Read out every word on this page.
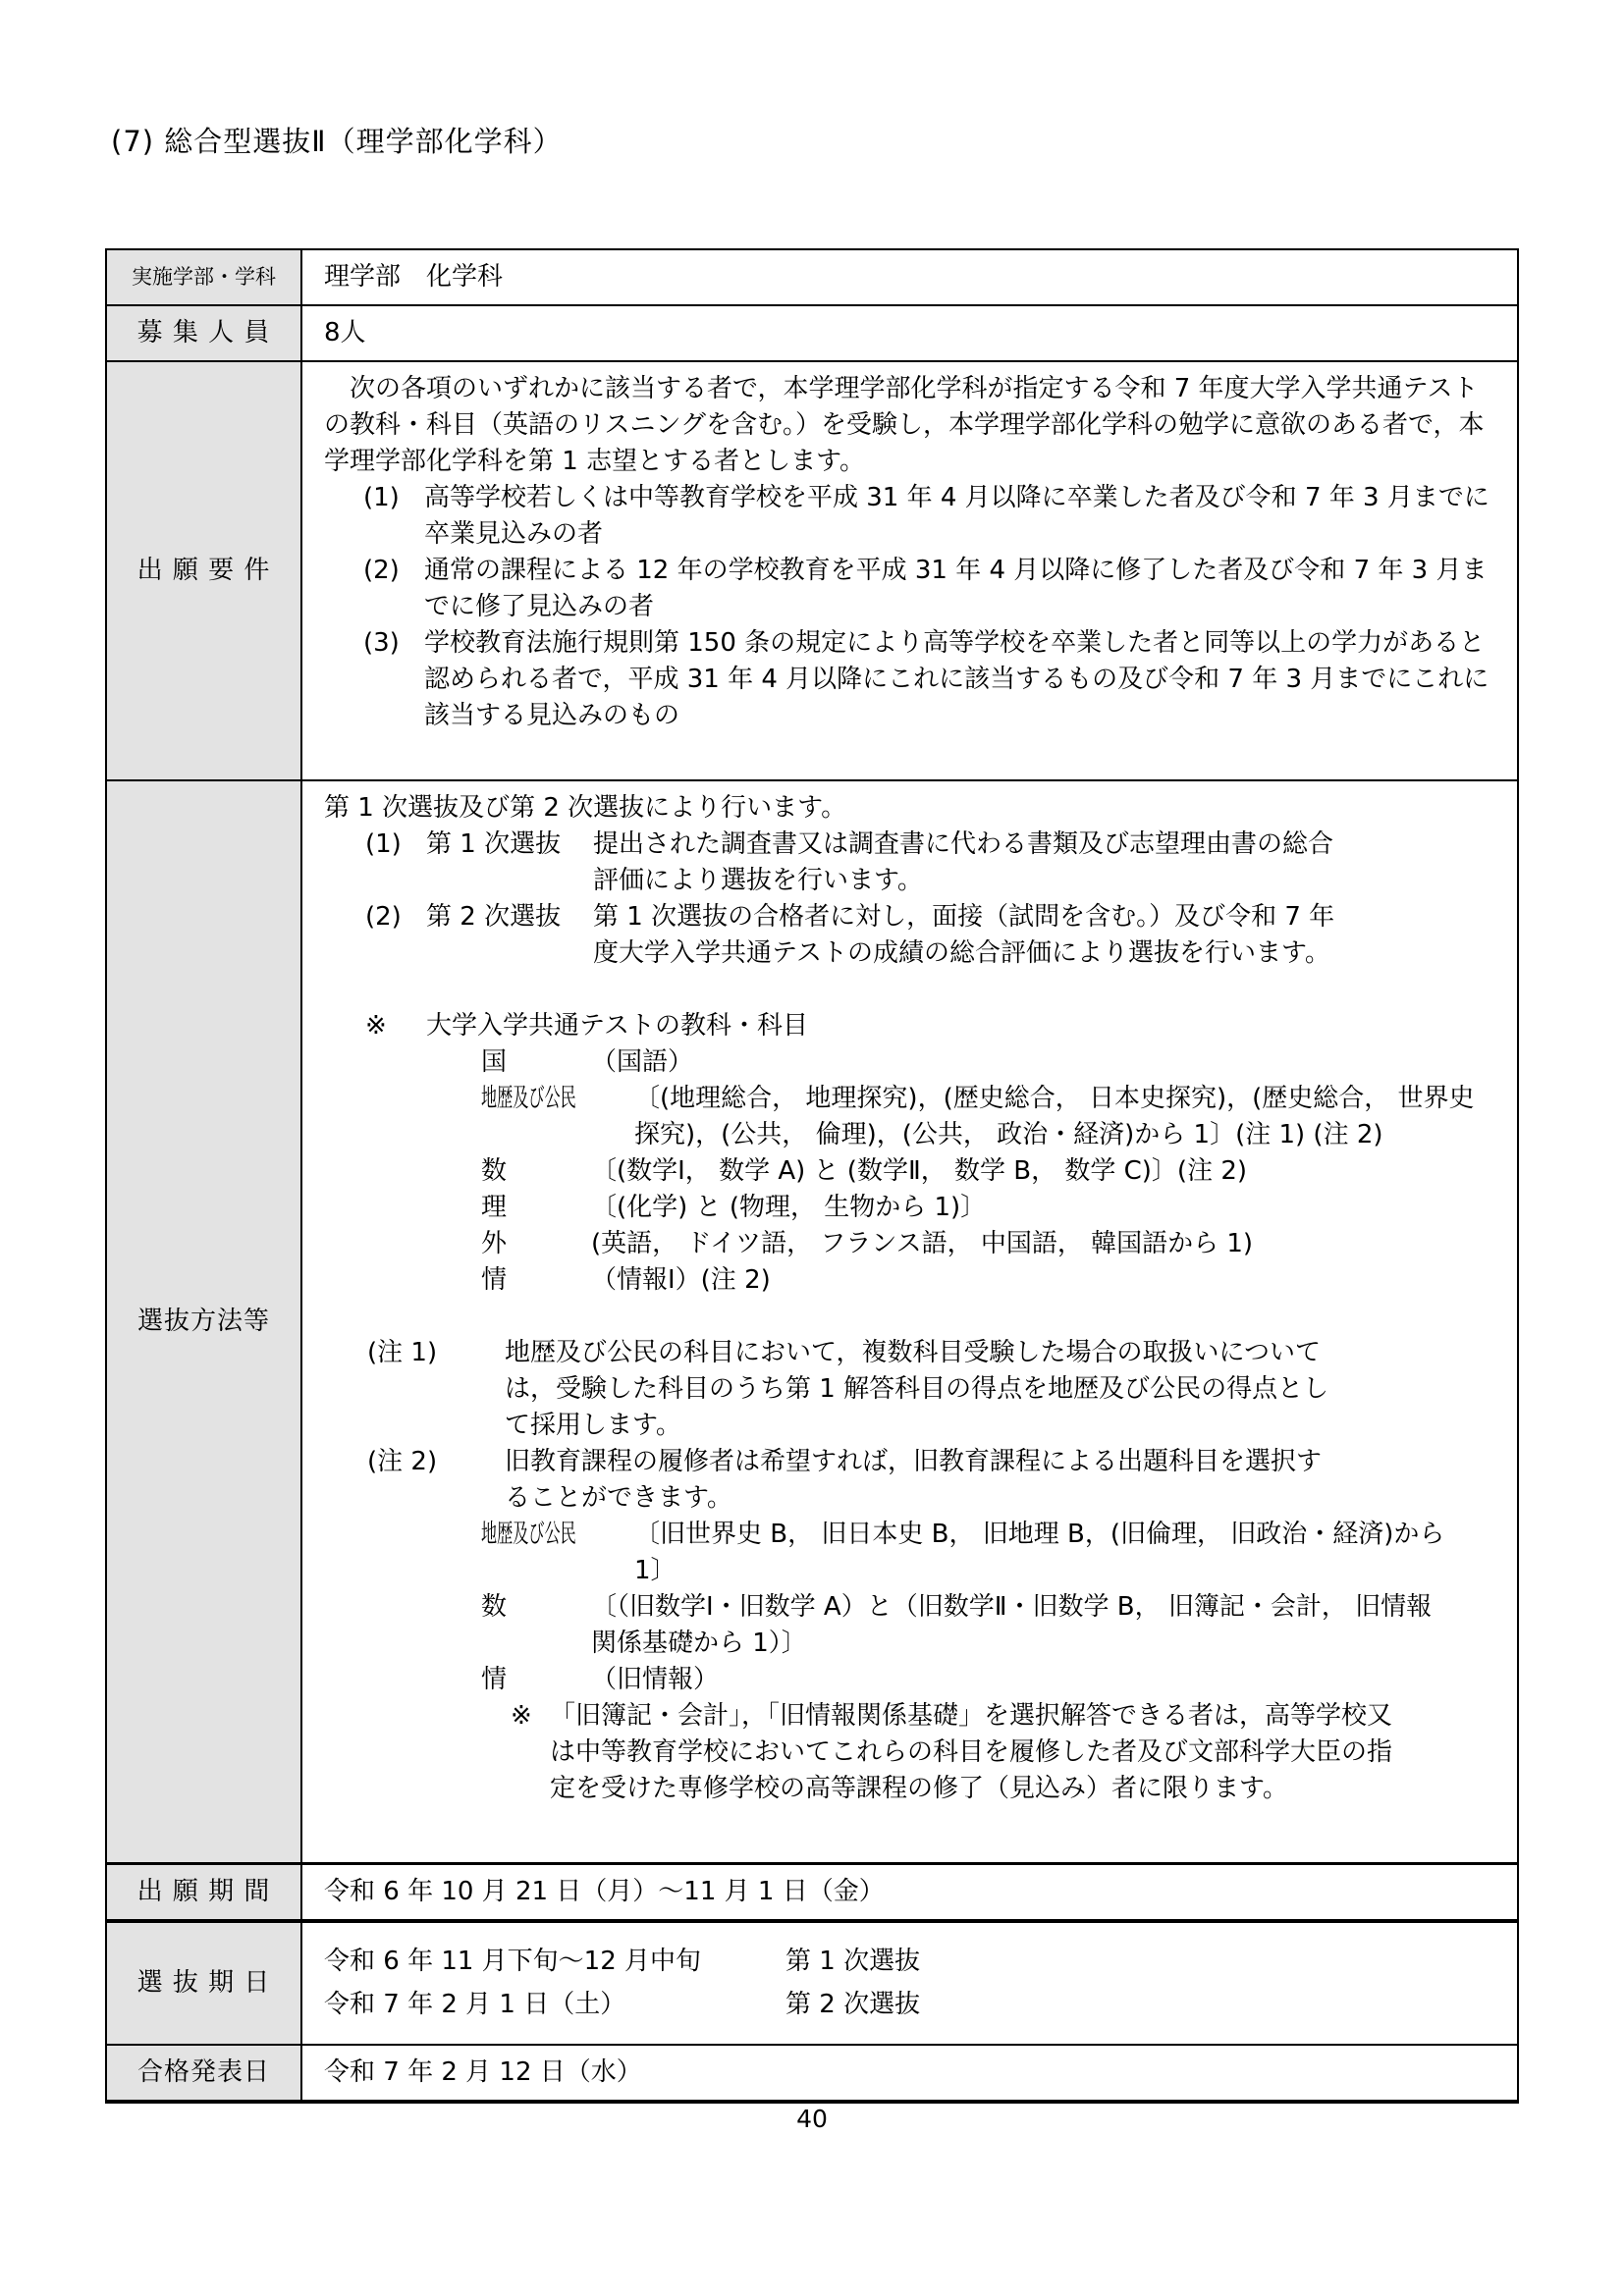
(7) 総合型選抜Ⅱ（理学部化学科）
実施学部・学科 理学部　化学科
募 集 人 員 8人
出 願 要 件

　次の各項のいずれかに該当する者で，本学理学部化学科が指定する令和 7 年度大学入学共通テストの教科・科目（英語のリスニングを含む。）を受験し，本学理学部化学科の勉学に意欲のある者で，本学理学部化学科を第 1 志望とする者とします。

(1) 高等学校若しくは中等教育学校を平成 31 年 4 月以降に卒業した者及び令和 7 年 3 月までに卒業見込みの者
(2) 通常の課程による 12 年の学校教育を平成 31 年 4 月以降に修了した者及び令和 7 年 3 月までに修了見込みの者
(3) 学校教育法施行規則第 150 条の規定により高等学校を卒業した者と同等以上の学力があると認められる者で，平成 31 年 4 月以降にこれに該当するもの及び令和 7 年 3 月までにこれに該当する見込みのもの
選抜方法等

第 1 次選抜及び第 2 次選抜により行います。

(1) 第 1 次選抜	提出された調査書又は調査書に代わる書類及び志望理由書の総合評価により選抜を行います。
(2) 第 2 次選抜	第 1 次選抜の合格者に対し，面接（試問を含む。）及び令和 7 年度大学入学共通テストの成績の総合評価により選抜を行います。
※	大学入学共通テストの教科・科目
国	（国語）
地歴及び公民	〔(地理総合， 地理探究)，(歴史総合， 日本史探究)，(歴史総合， 世界史探究)，(公共， 倫理)，(公共， 政治・経済)から 1〕(注 1) (注 2)
数	〔(数学Ⅰ， 数学 A) と (数学Ⅱ， 数学 B， 数学 C)〕(注 2)
理	〔(化学) と (物理， 生物から 1)〕
外	(英語， ドイツ語， フランス語， 中国語， 韓国語から 1)
情	（情報Ⅰ）(注 2)
(注 1)	地歴及び公民の科目において，複数科目受験した場合の取扱いについては，受験した科目のうち第 1 解答科目の得点を地歴及び公民の得点として採用します。
(注 2)	旧教育課程の履修者は希望すれば，旧教育課程による出題科目を選択することができます。
地歴及び公民	〔旧世界史 B， 旧日本史 B， 旧地理 B，(旧倫理， 旧政治・経済)から 1〕
数	〔（旧数学Ⅰ・旧数学 A）と（旧数学Ⅱ・旧数学 B， 旧簿記・会計， 旧情報関係基礎から 1）〕
情	（旧情報）
※ 「旧簿記・会計」，「旧情報関係基礎」を選択解答できる者は，高等学校又は中等教育学校においてこれらの科目を履修した者及び文部科学大臣の指定を受けた専修学校の高等課程の修了（見込み）者に限ります。
出 願 期 間 令和 6 年 10 月 21 日（月）～11 月 1 日（金）
選 抜 期 日
令和 6 年 11 月下旬～12 月中旬	第 1 次選抜
令和 7 年 2 月 1 日（土）	第 2 次選抜
合格発表日 令和 7 年 2 月 12 日（水）
40
